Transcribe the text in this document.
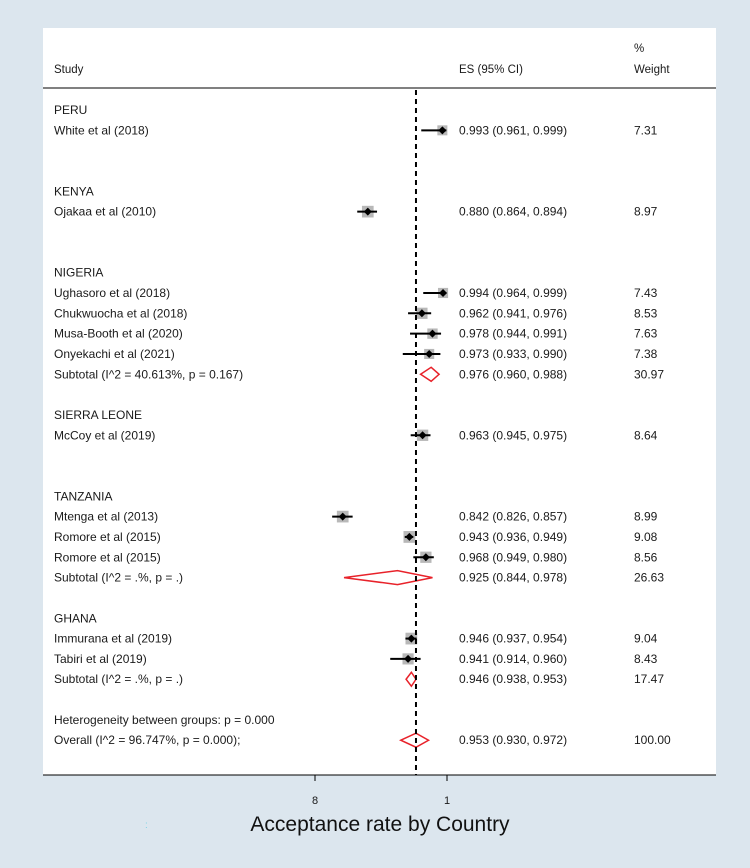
Study	ES (95% CI)
%
Weight
PERU
White et al (2018)	0.993 (0.961, 0.999)	7.31
KENYA
Ojakaa et al (2010)	0.880 (0.864, 0.894)	8.97
NIGERIA
Ughasoro et al (2018)	0.994 (0.964, 0.999)	7.43
Chukwuocha et al (2018)	0.962 (0.941, 0.976)	8.53
Musa-Booth et al (2020)	0.978 (0.944, 0.991)	7.63
Onyekachi et al (2021)	0.973 (0.933, 0.990)	7.38
Subtotal (I^2 = 40.613%, p = 0.167)	0.976 (0.960, 0.988)	30.97
SIERRA LEONE
McCoy et al (2019)	0.963 (0.945, 0.975)	8.64
TANZANIA
Mtenga et al (2013)	0.842 (0.826, 0.857)	8.99
Romore et al (2015)	0.943 (0.936, 0.949)	9.08
Romore et al (2015)	0.968 (0.949, 0.980)	8.56
Subtotal (I^2 = .%, p = .)	0.925 (0.844, 0.978)	26.63
GHANA
Immurana et al (2019)	0.946 (0.937, 0.954)	9.04
Tabiri et al (2019)	0.941 (0.914, 0.960)	8.43
Subtotal (I^2 = .%, p = .)	0.946 (0.938, 0.953)	17.47
Heterogeneity between groups: p = 0.000
Overall (I^2 = 96.747%, p = 0.000);	0.953 (0.930, 0.972)	100.00
8	1
:	Acceptance rate by Country
